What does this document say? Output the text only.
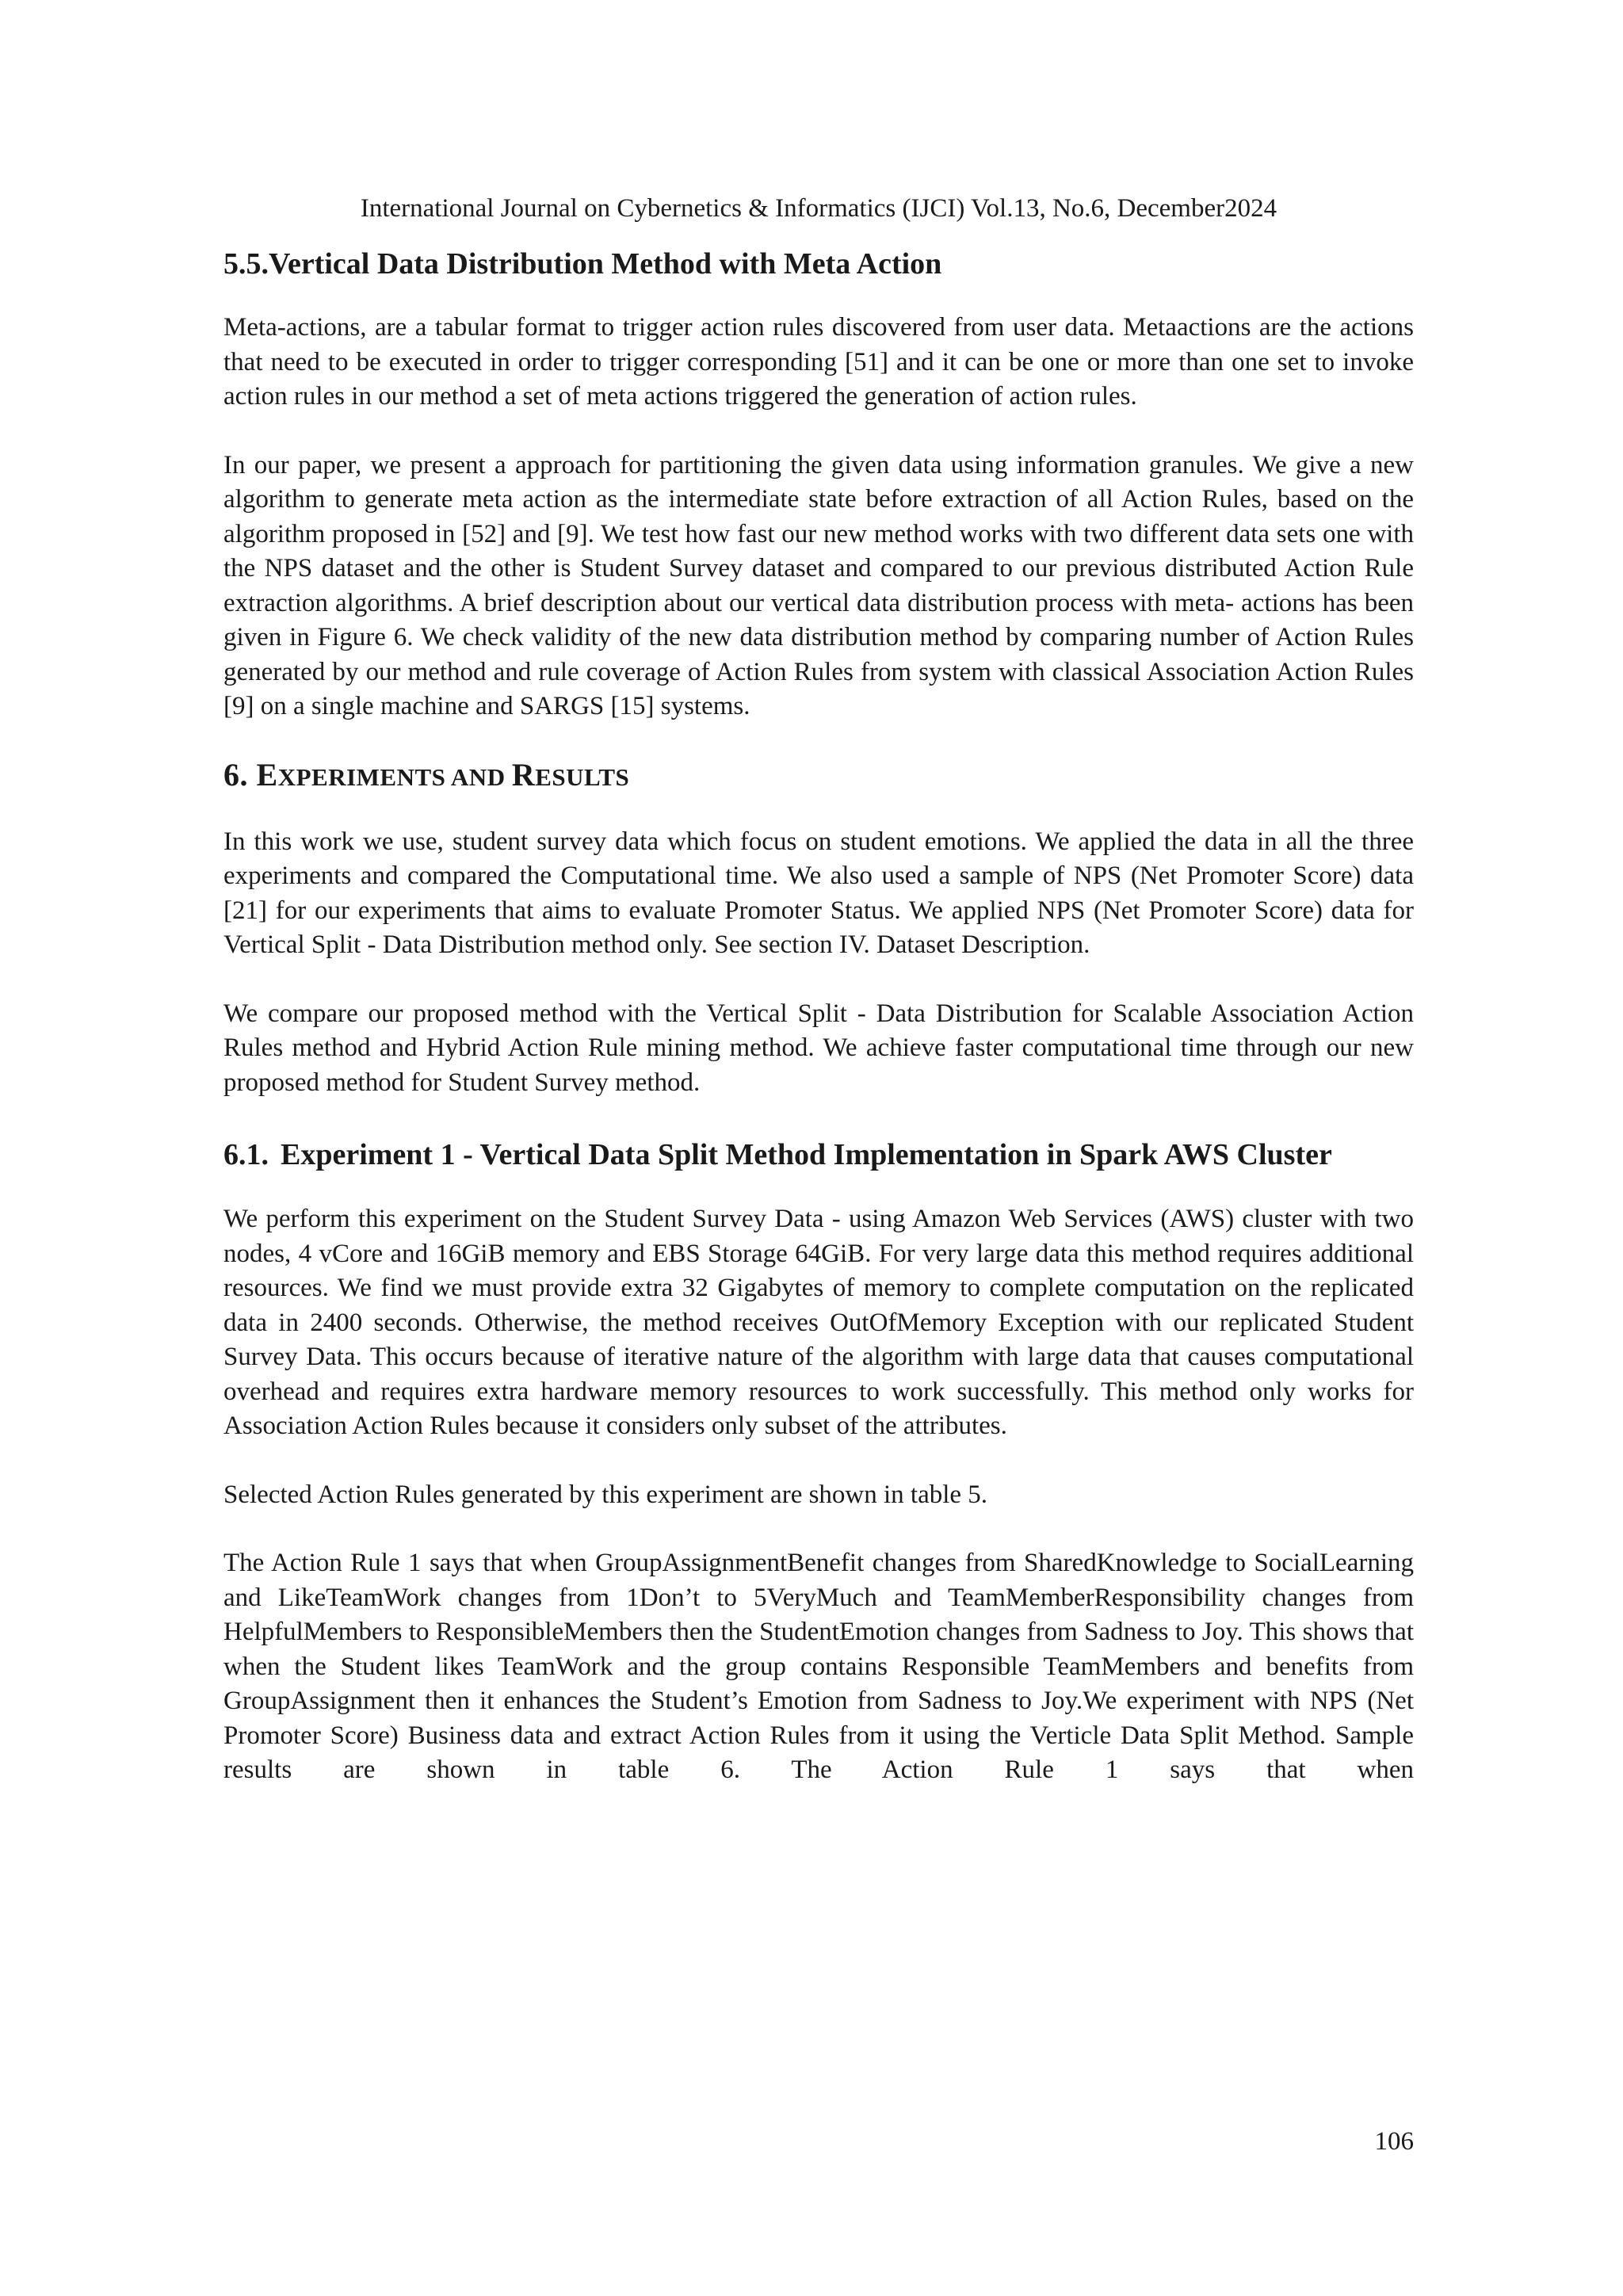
International Journal on Cybernetics & Informatics (IJCI) Vol.13, No.6, December2024
5.5.Vertical Data Distribution Method with Meta Action

Meta-actions, are a tabular format to trigger action rules discovered from user data. Metaactions are the actions that need to be executed in order to trigger corresponding [51] and it can be one or more than one set to invoke action rules in our method a set of meta actions triggered the generation of action rules.

In our paper, we present a approach for partitioning the given data using information granules. We give a new algorithm to generate meta action as the intermediate state before extraction of all Action Rules, based on the algorithm proposed in [52] and [9]. We test how fast our new method works with two different data sets one with the NPS dataset and the other is Student Survey dataset and compared to our previous distributed Action Rule extraction algorithms. A brief description about our vertical data distribution process with meta- actions has been given in Figure 6. We check validity of the new data distribution method by comparing number of Action Rules generated by our method and rule coverage of Action Rules from system with classical Association Action Rules [9] on a single machine and SARGS [15] systems.

6. EXPERIMENTS AND RESULTS

In this work we use, student survey data which focus on student emotions. We applied the data in all the three experiments and compared the Computational time. We also used a sample of NPS (Net Promoter Score) data [21] for our experiments that aims to evaluate Promoter Status. We applied NPS (Net Promoter Score) data for Vertical Split - Data Distribution method only. See section IV. Dataset Description.

We compare our proposed method with the Vertical Split - Data Distribution for Scalable Association Action Rules method and Hybrid Action Rule mining method. We achieve faster computational time through our new proposed method for Student Survey method.

6.1. Experiment 1 - Vertical Data Split Method Implementation in Spark AWS Cluster

We perform this experiment on the Student Survey Data - using Amazon Web Services (AWS) cluster with two nodes, 4 vCore and 16GiB memory and EBS Storage 64GiB. For very large data this method requires additional resources. We find we must provide extra 32 Gigabytes of memory to complete computation on the replicated data in 2400 seconds. Otherwise, the method receives OutOfMemory Exception with our replicated Student Survey Data. This occurs because of iterative nature of the algorithm with large data that causes computational overhead and requires extra hardware memory resources to work successfully. This method only works for Association Action Rules because it considers only subset of the attributes.

Selected Action Rules generated by this experiment are shown in table 5.

The Action Rule 1 says that when GroupAssignmentBenefit changes from SharedKnowledge to SocialLearning and LikeTeamWork changes from 1Don’t to 5VeryMuch and TeamMemberResponsibility changes from HelpfulMembers to ResponsibleMembers then the StudentEmotion changes from Sadness to Joy. This shows that when the Student likes TeamWork and the group contains Responsible TeamMembers and benefits from GroupAssignment then it enhances the Student’s Emotion from Sadness to Joy.We experiment with NPS (Net Promoter Score) Business data and extract Action Rules from it using the Verticle Data Split Method. Sample results are shown in table 6. The Action Rule 1 says that when

106
